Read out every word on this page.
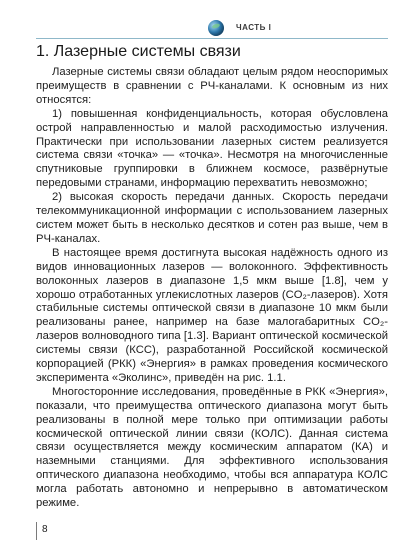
ЧАСТЬ I
1. Лазерные системы связи

Лазерные системы связи обладают целым рядом неоспоримых преимуществ в сравнении с РЧ-каналами. К основным из них относятся:

1) повышенная конфиденциальность, которая обусловлена острой направленностью и малой расходимостью излучения. Практически при использовании лазерных систем реализуется система связи «точка» — «точка». Несмотря на многочисленные спутниковые группировки в ближнем космосе, развёрнутые передовыми странами, информацию перехватить невозможно;

2) высокая скорость передачи данных. Скорость передачи телекоммуникационной информации с использованием лазерных систем может быть в несколько десятков и сотен раз выше, чем в РЧ-каналах.

В настоящее время достигнута высокая надёжность одного из видов инновационных лазеров — волоконного. Эффективность волоконных лазеров в диапазоне 1,5 мкм выше [1.8], чем у хорошо отработанных углекислотных лазеров (CO₂-лазеров). Хотя стабильные системы оптической связи в диапазоне 10 мкм были реализованы ранее, например на базе малогабаритных CO₂-лазеров волноводного типа [1.3]. Вариант оптической космической системы связи (КСС), разработанной Российской космической корпорацией (РКК) «Энергия» в рамках проведения космического эксперимента «Эколинс», приведён на рис. 1.1.

Многосторонние исследования, проведённые в РКК «Энергия», показали, что преимущества оптического диапазона могут быть реализованы в полной мере только при оптимизации работы космической оптической линии связи (КОЛС). Данная система связи осуществляется между космическим аппаратом (КА) и наземными станциями. Для эффективного использования оптического диапазона необходимо, чтобы вся аппаратура КОЛС могла работать автономно и непрерывно в автоматическом режиме.

8
